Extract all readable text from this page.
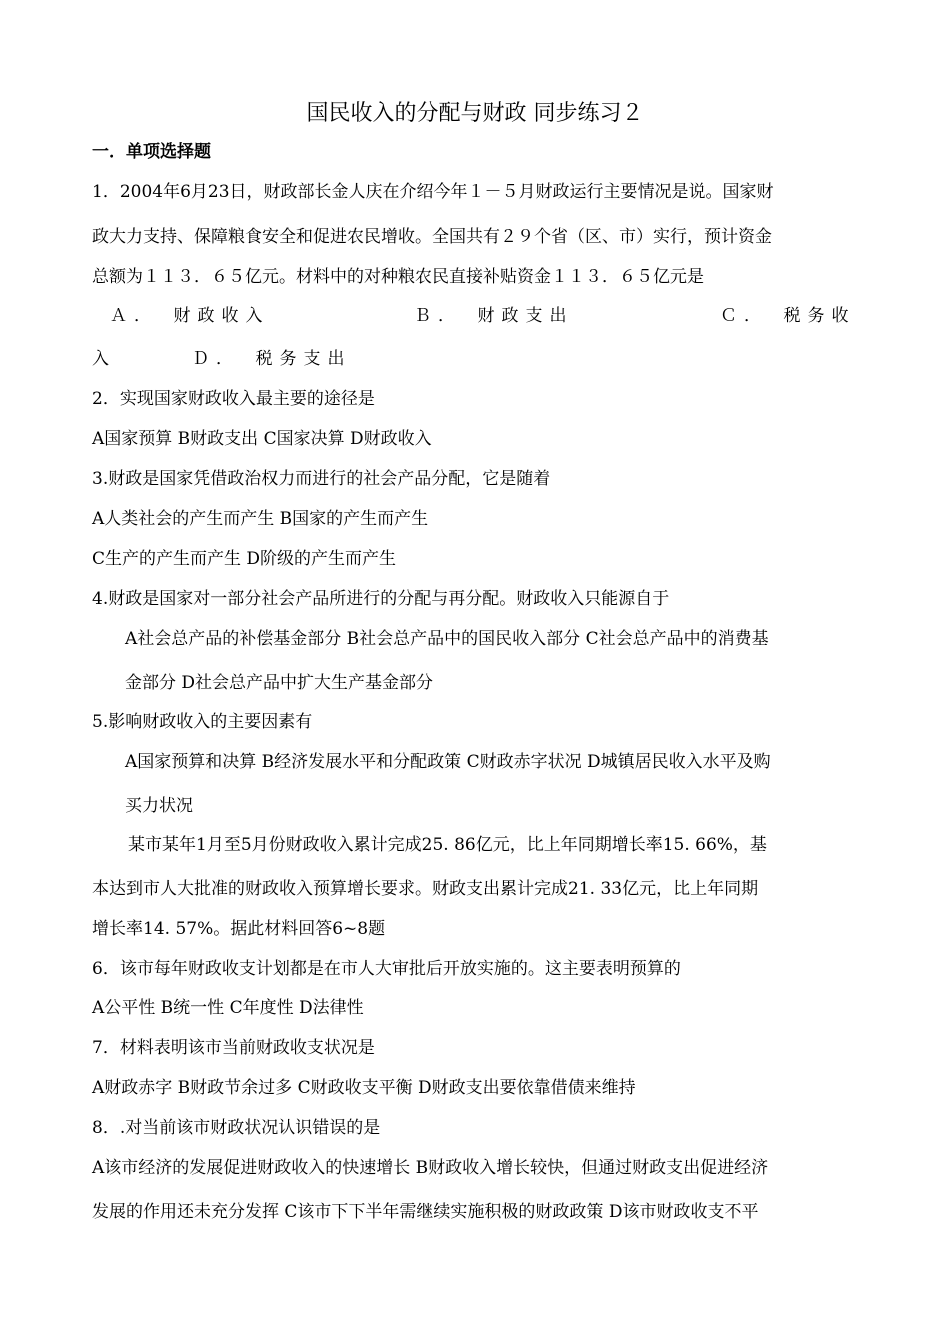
国民收入的分配与财政 同步练习２
一．单项选择题
1．2004年6月23日，财政部长金人庆在介绍今年１－５月财政运行主要情况是说。国家财
政大力支持、保障粮食安全和促进农民增收。全国共有２９个省（区、市）实行，预计资金
总额为１１３．６５亿元。材料中的对种粮农民直接补贴资金１１３．６５亿元是
Ａ．　财政收入	Ｂ．　财政支出	Ｃ．　税务收
入	Ｄ．　税务支出
2．实现国家财政收入最主要的途径是
A国家预算 B财政支出 C国家决算 D财政收入
3.财政是国家凭借政治权力而进行的社会产品分配，它是随着
A人类社会的产生而产生 B国家的产生而产生
C生产的产生而产生 D阶级的产生而产生
4.财政是国家对一部分社会产品所进行的分配与再分配。财政收入只能源自于
A社会总产品的补偿基金部分 B社会总产品中的国民收入部分 C社会总产品中的消费基
金部分 D社会总产品中扩大生产基金部分
5.影响财政收入的主要因素有
A国家预算和决算 B经济发展水平和分配政策 C财政赤字状况 D城镇居民收入水平及购
买力状况
某市某年1月至5月份财政收入累计完成25. 86亿元，比上年同期增长率15. 66%，基
本达到市人大批准的财政收入预算增长要求。财政支出累计完成21. 33亿元，比上年同期
增长率14. 57%。据此材料回答6~8题
6．该市每年财政收支计划都是在市人大审批后开放实施的。这主要表明预算的
A公平性 B统一性 C年度性 D法律性
7．材料表明该市当前财政收支状况是
A财政赤字 B财政节余过多 C财政收支平衡 D财政支出要依靠借债来维持
8．.对当前该市财政状况认识错误的是
A该市经济的发展促进财政收入的快速增长 B财政收入增长较快，但通过财政支出促进经济
发展的作用还未充分发挥 C该市下下半年需继续实施积极的财政政策 D该市财政收支不平
